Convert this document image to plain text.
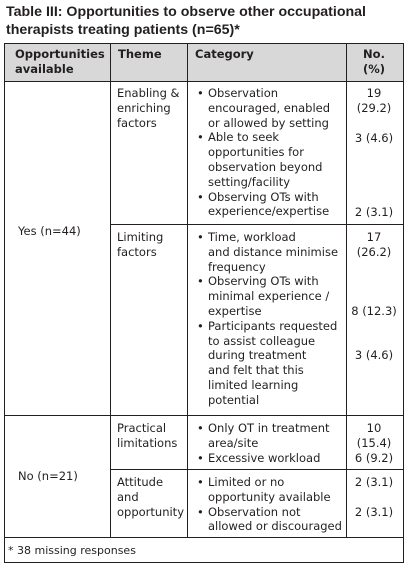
Table III: Opportunities to observe other occupational
therapists treating patients (n=65)*
Opportunities
available
Theme	Category	No.
(%)
Yes (n=44)
No (n=21)
Enabling &
enriching
factors
• Observation
encouraged, enabled
or allowed by setting
• Able to seek
opportunities for
observation beyond
setting/facility
• Observing OTs with
experience/expertise
19
(29.2)
3 (4.6)
2 (3.1)
Limiting
factors
• Time, workload
and distance minimise
frequency
• Observing OTs with
minimal experience /
expertise
• Participants requested
to assist colleague
during treatment
and felt that this
limited learning
potential
17
(26.2)
8 (12.3)
3 (4.6)
Practical
limitations
• Only OT in treatment
area/site
• Excessive workload
10
(15.4)
6 (9.2)
Attitude
and
opportunity
• Limited or no
opportunity available
• Observation not
allowed or discouraged
2 (3.1)
2 (3.1)
* 38 missing responses
